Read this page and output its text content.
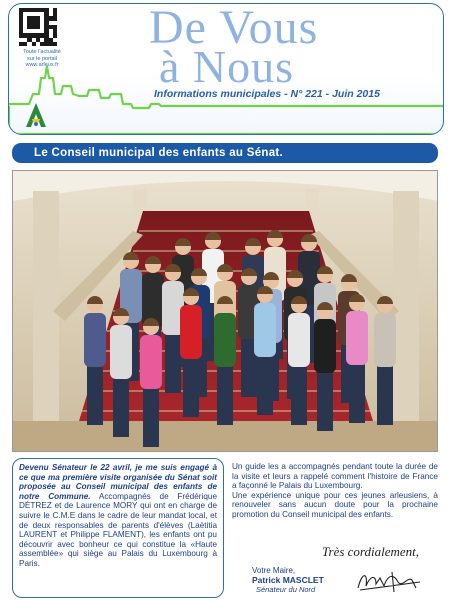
Toute l'actualité
sur le portail
www.arleux.fr
De Vous
à Nous
Informations municipales - N° 221 - Juin 2015
Le Conseil municipal des enfants au Sénat.

Devenu Sénateur le 22 avril, je me suis engagé à ce que ma première visite organisée du Sénat soit proposée au Conseil municipal des enfants de notre Commune. Accompagnés de Frédérique DÉTREZ et de Laurence MORY qui ont en charge de suivre le C.M.E dans le cadre de leur mandat local, et de deux responsables de parents d'élèves (Laëtitia LAURENT et Philippe FLAMENT), les enfants ont pu découvrir avec bonheur ce qui constitue la «Haute assemblée» qui siège au Palais du Luxembourg à Paris.

Un guide les a accompagnés pendant toute la durée de la visite et leurs a rappelé comment l'histoire de France a façonné le Palais du Luxembourg.

Une expérience unique pour ces jeunes arleusiens, à renouveler sans aucun doute pour la prochaine promotion du Conseil municipal des enfants.

Très cordialement,
Votre Maire,
Patrick MASCLET
Sénateur du Nord
